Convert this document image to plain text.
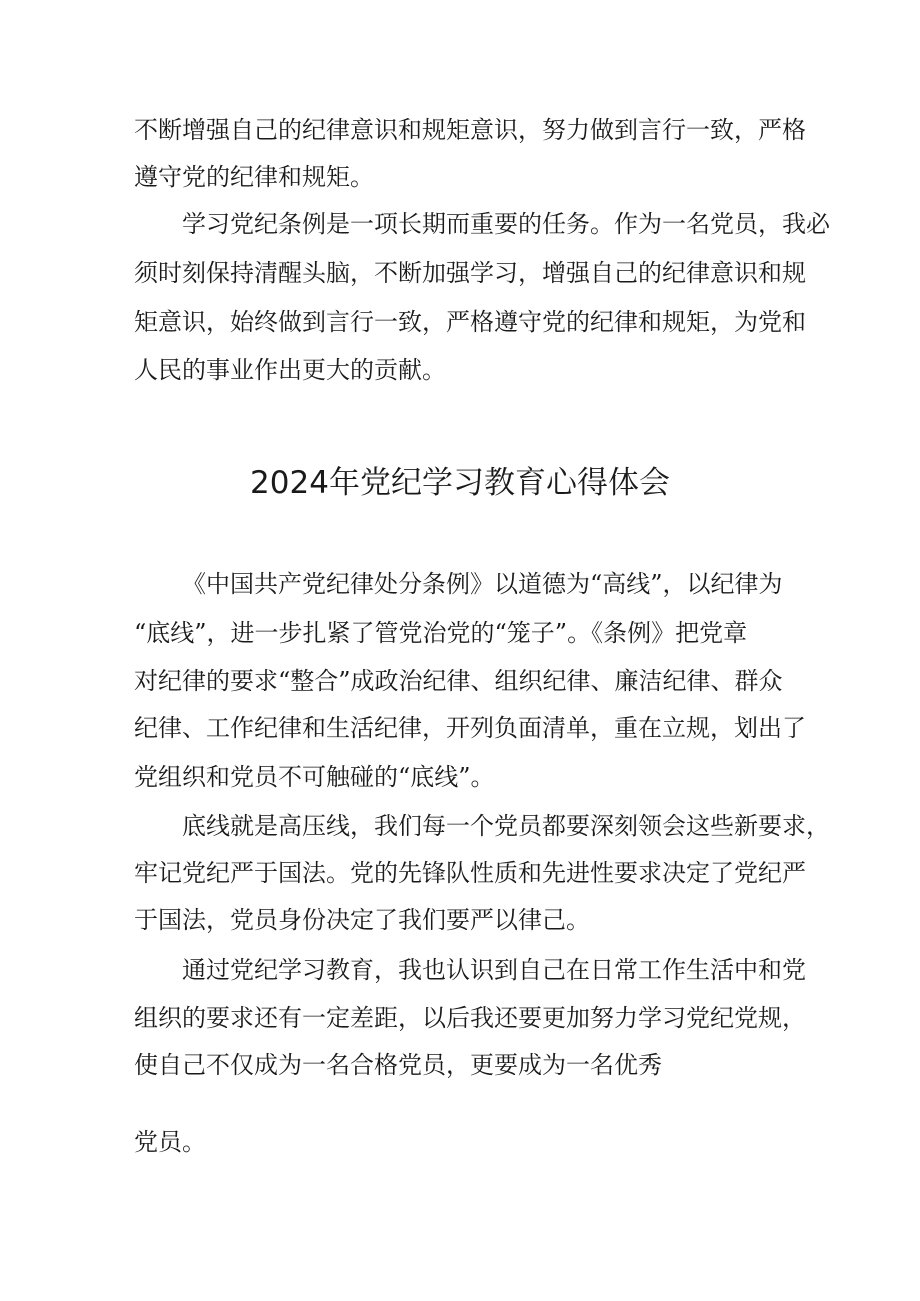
不断增强自己的纪律意识和规矩意识，努力做到言行一致，严格

遵守党的纪律和规矩。

学习党纪条例是一项长期而重要的任务。作为一名党员，我必

须时刻保持清醒头脑，不断加强学习，增强自己的纪律意识和规

矩意识，始终做到言行一致，严格遵守党的纪律和规矩，为党和

人民的事业作出更大的贡献。

2024年党纪学习教育心得体会

《中国共产党纪律处分条例》以道德为“高线”，以纪律为

“底线”，进一步扎紧了管党治党的“笼子”。《条例》把党章

对纪律的要求“整合”成政治纪律、组织纪律、廉洁纪律、群众

纪律、工作纪律和生活纪律，开列负面清单，重在立规，划出了

党组织和党员不可触碰的“底线”。

底线就是高压线，我们每一个党员都要深刻领会这些新要求，

牢记党纪严于国法。党的先锋队性质和先进性要求决定了党纪严

于国法，党员身份决定了我们要严以律己。

通过党纪学习教育，我也认识到自己在日常工作生活中和党

组织的要求还有一定差距，以后我还要更加努力学习党纪党规，

使自己不仅成为一名合格党员，更要成为一名优秀

党员。
